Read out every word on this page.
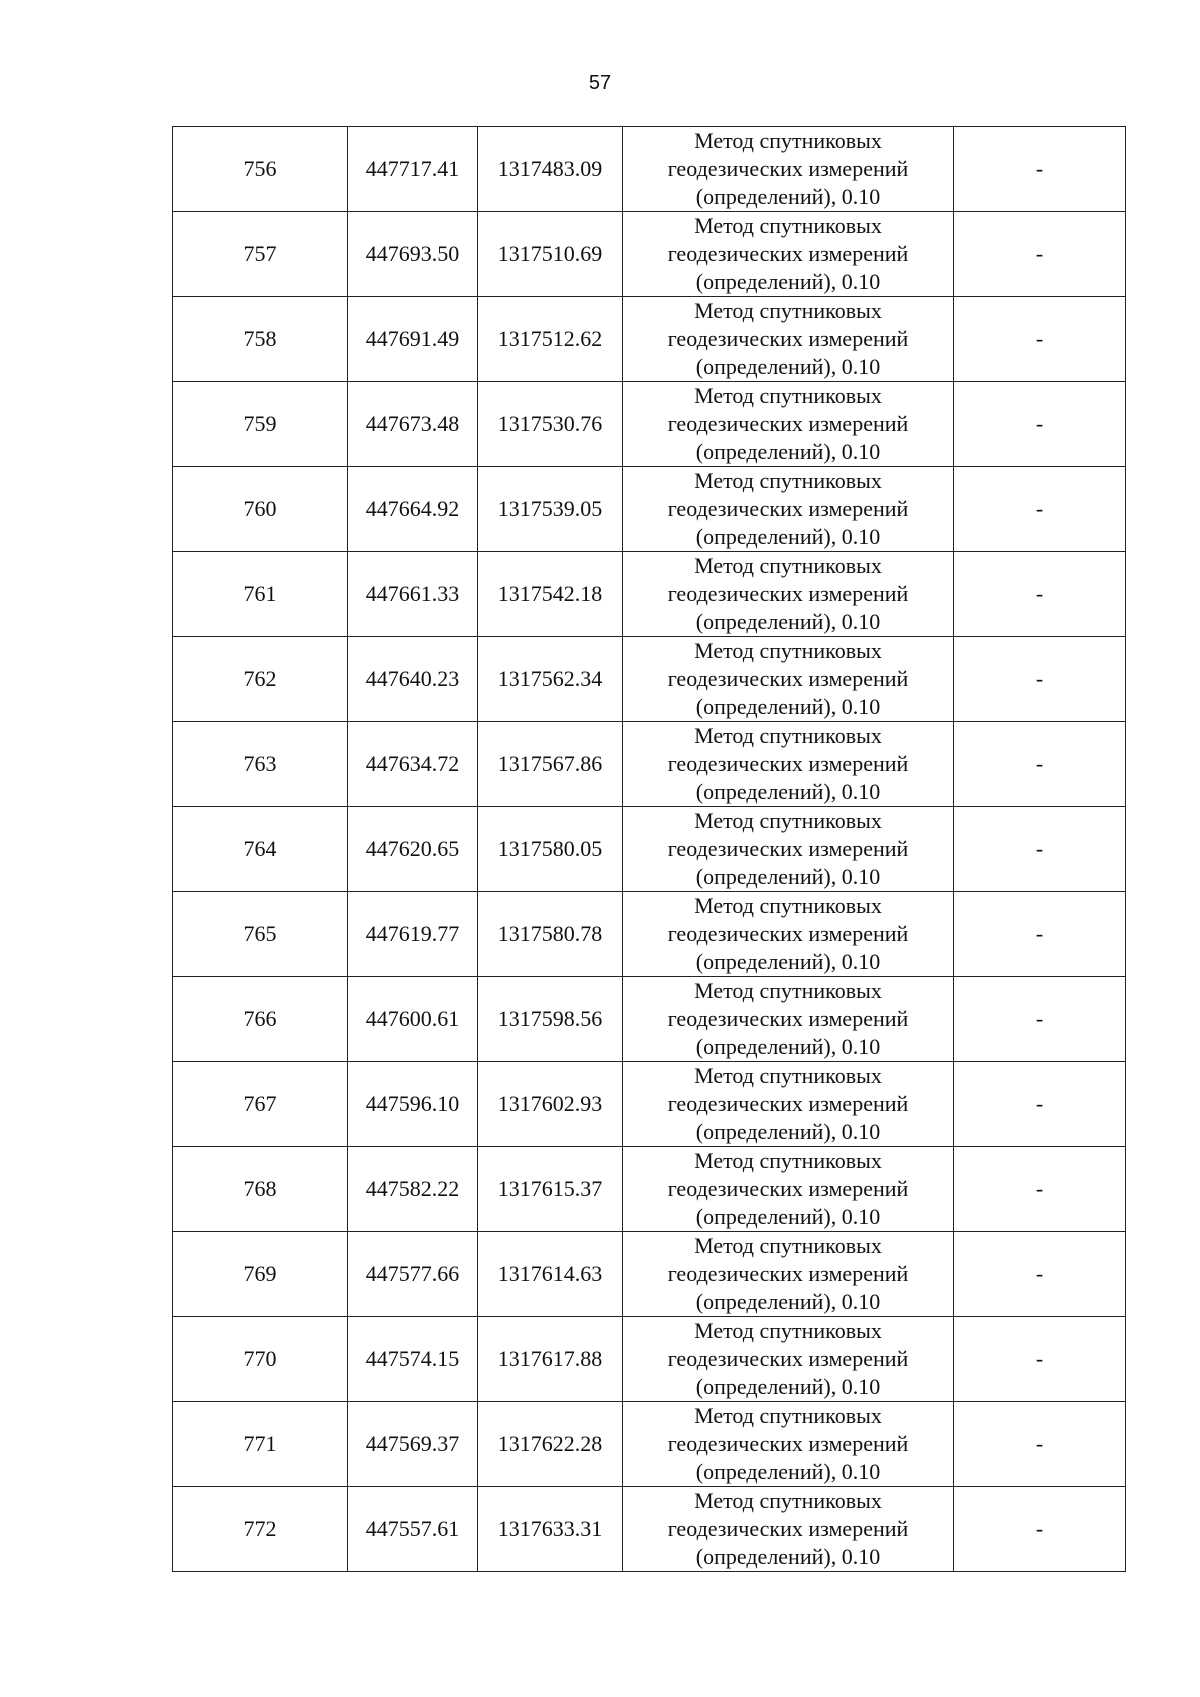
57
756	447717.41	1317483.09	Метод спутниковых
геодезических измерений
(определений), 0.10	-
757	447693.50	1317510.69	Метод спутниковых
геодезических измерений
(определений), 0.10	-
758	447691.49	1317512.62	Метод спутниковых
геодезических измерений
(определений), 0.10	-
759	447673.48	1317530.76	Метод спутниковых
геодезических измерений
(определений), 0.10	-
760	447664.92	1317539.05	Метод спутниковых
геодезических измерений
(определений), 0.10	-
761	447661.33	1317542.18	Метод спутниковых
геодезических измерений
(определений), 0.10	-
762	447640.23	1317562.34	Метод спутниковых
геодезических измерений
(определений), 0.10	-
763	447634.72	1317567.86	Метод спутниковых
геодезических измерений
(определений), 0.10	-
764	447620.65	1317580.05	Метод спутниковых
геодезических измерений
(определений), 0.10	-
765	447619.77	1317580.78	Метод спутниковых
геодезических измерений
(определений), 0.10	-
766	447600.61	1317598.56	Метод спутниковых
геодезических измерений
(определений), 0.10	-
767	447596.10	1317602.93	Метод спутниковых
геодезических измерений
(определений), 0.10	-
768	447582.22	1317615.37	Метод спутниковых
геодезических измерений
(определений), 0.10	-
769	447577.66	1317614.63	Метод спутниковых
геодезических измерений
(определений), 0.10	-
770	447574.15	1317617.88	Метод спутниковых
геодезических измерений
(определений), 0.10	-
771	447569.37	1317622.28	Метод спутниковых
геодезических измерений
(определений), 0.10	-
772	447557.61	1317633.31	Метод спутниковых
геодезических измерений
(определений), 0.10	-
